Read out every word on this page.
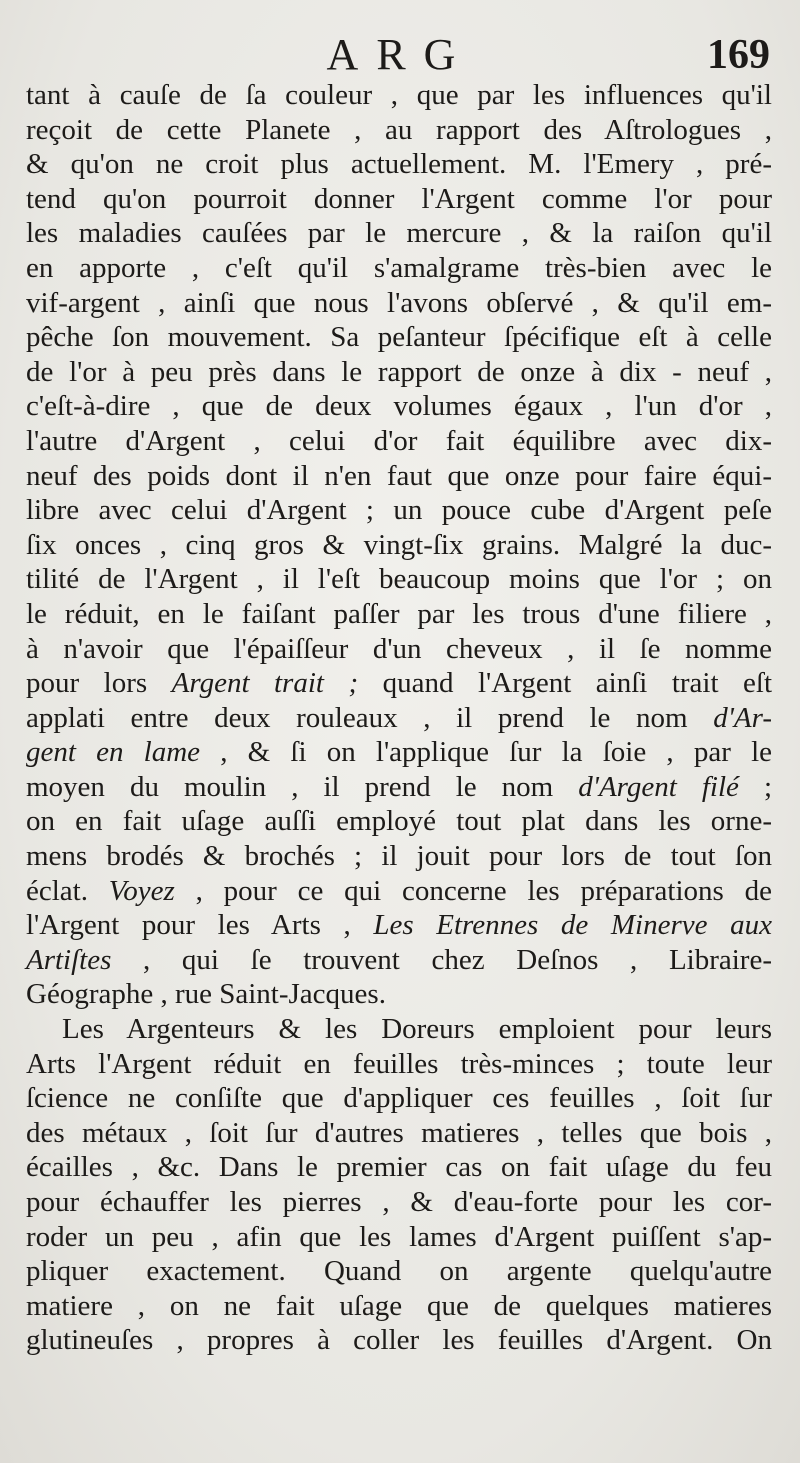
ARG	169
tant à cauſe de ſa couleur , que par les influences qu'il
reçoit de cette Planete , au rapport des Aſtrologues ,
& qu'on ne croit plus actuellement. M. l'Emery , pré-
tend qu'on pourroit donner l'Argent comme l'or pour
les maladies cauſées par le mercure , & la raiſon qu'il
en apporte , c'eſt qu'il s'amalgrame très-bien avec le
vif-argent , ainſi que nous l'avons obſervé , & qu'il em-
pêche ſon mouvement. Sa peſanteur ſpécifique eſt à celle
de l'or à peu près dans le rapport de onze à dix - neuf ,
c'eſt-à-dire , que de deux volumes égaux , l'un d'or ,
l'autre d'Argent , celui d'or fait équilibre avec dix-
neuf des poids dont il n'en faut que onze pour faire équi-
libre avec celui d'Argent ; un pouce cube d'Argent peſe
ſix onces , cinq gros & vingt-ſix grains. Malgré la duc-
tilité de l'Argent , il l'eſt beaucoup moins que l'or ; on
le réduit, en le faiſant paſſer par les trous d'une filiere ,
à n'avoir que l'épaiſſeur d'un cheveux , il ſe nomme
pour lors Argent trait ; quand l'Argent ainſi trait eſt
applati entre deux rouleaux , il prend le nom d'Ar-
gent en lame , & ſi on l'applique ſur la ſoie , par le
moyen du moulin , il prend le nom d'Argent filé ;
on en fait uſage auſſi employé tout plat dans les orne-
mens brodés & brochés ; il jouit pour lors de tout ſon
éclat. Voyez , pour ce qui concerne les préparations de
l'Argent pour les Arts , Les Etrennes de Minerve aux
Artiſtes , qui ſe trouvent chez Deſnos , Libraire-
Géographe , rue Saint-Jacques.
Les Argenteurs & les Doreurs emploient pour leurs
Arts l'Argent réduit en feuilles très-minces ; toute leur
ſcience ne conſiſte que d'appliquer ces feuilles , ſoit ſur
des métaux , ſoit ſur d'autres matieres , telles que bois ,
écailles , &c. Dans le premier cas on fait uſage du feu
pour échauffer les pierres , & d'eau-forte pour les cor-
roder un peu , afin que les lames d'Argent puiſſent s'ap-
pliquer exactement. Quand on argente quelqu'autre
matiere , on ne fait uſage que de quelques matieres
glutineuſes , propres à coller les feuilles d'Argent. On
